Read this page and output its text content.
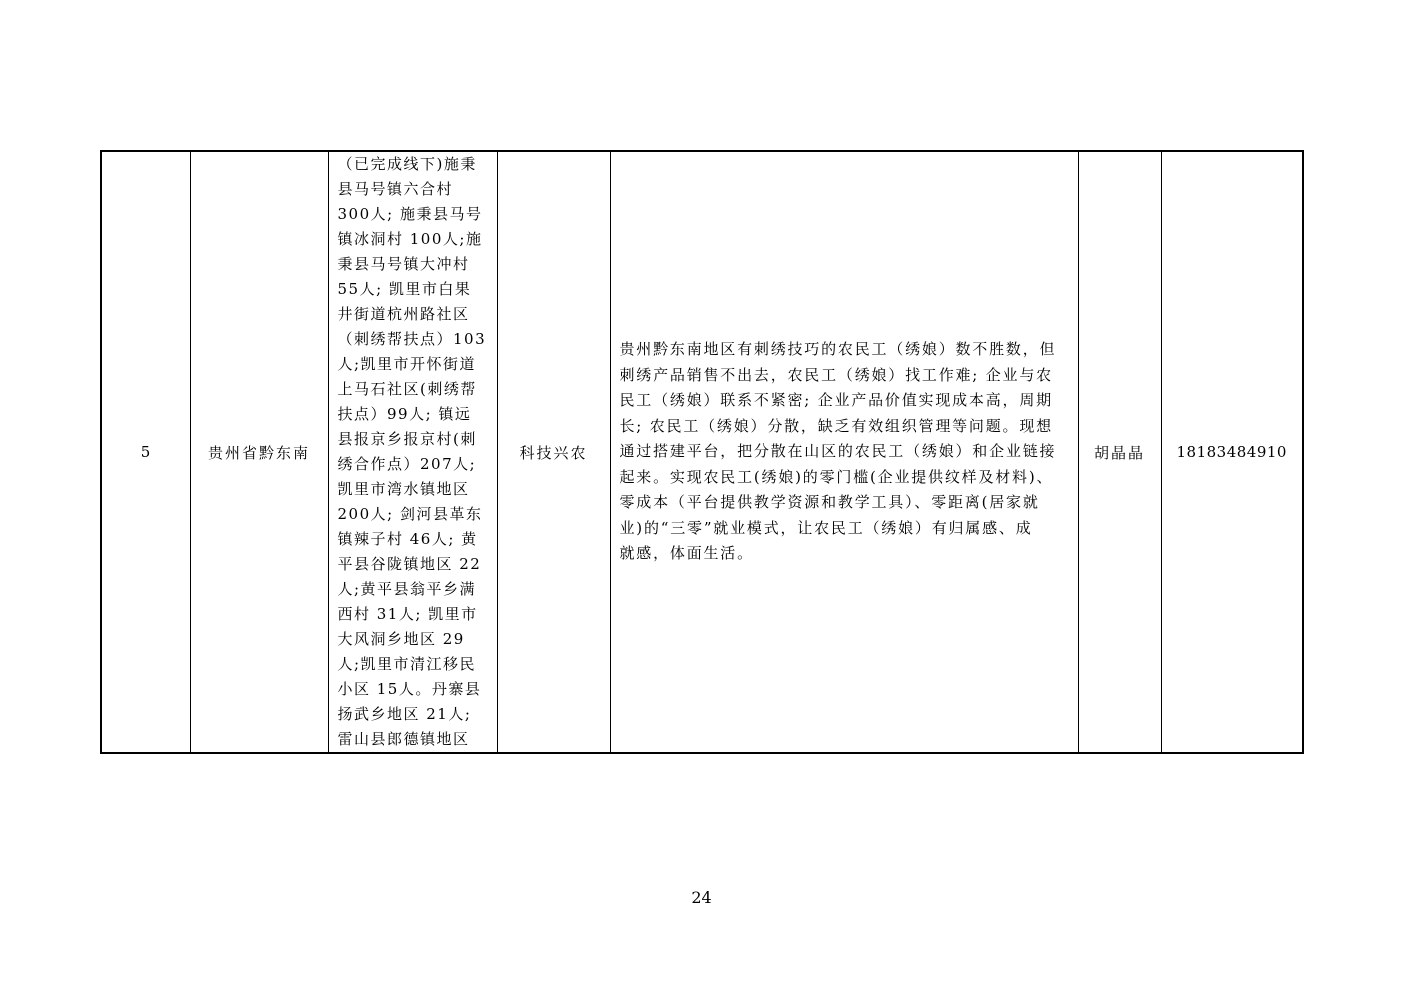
5	贵州省黔东南	
（已完成线下)施秉
县马号镇六合村
300人; 施秉县马号
镇冰洞村 100人;施
秉县马号镇大冲村
55人; 凯里市白果
井街道杭州路社区
（刺绣帮扶点）103
人;凯里市开怀街道
上马石社区(刺绣帮
扶点）99人; 镇远
县报京乡报京村(刺
绣合作点）207人;
凯里市湾水镇地区
200人; 剑河县革东
镇辣子村 46人; 黄
平县谷陇镇地区 22
人;黄平县翁平乡满
西村 31人; 凯里市
大风洞乡地区 29
人;凯里市清江移民
小区 15人。丹寨县
扬武乡地区 21人;
雷山县郎德镇地区
	科技兴农	
贵州黔东南地区有刺绣技巧的农民工（绣娘）数不胜数，但
刺绣产品销售不出去，农民工（绣娘）找工作难; 企业与农
民工（绣娘）联系不紧密; 企业产品价值实现成本高，周期
长; 农民工（绣娘）分散，缺乏有效组织管理等问题。现想
通过搭建平台，把分散在山区的农民工（绣娘）和企业链接
起来。实现农民工(绣娘)的零门槛(企业提供纹样及材料)、
零成本（平台提供教学资源和教学工具）、零距离(居家就
业)的“三零”就业模式，让农民工（绣娘）有归属感、成
就感，体面生活。
	胡晶晶	18183484910
24
